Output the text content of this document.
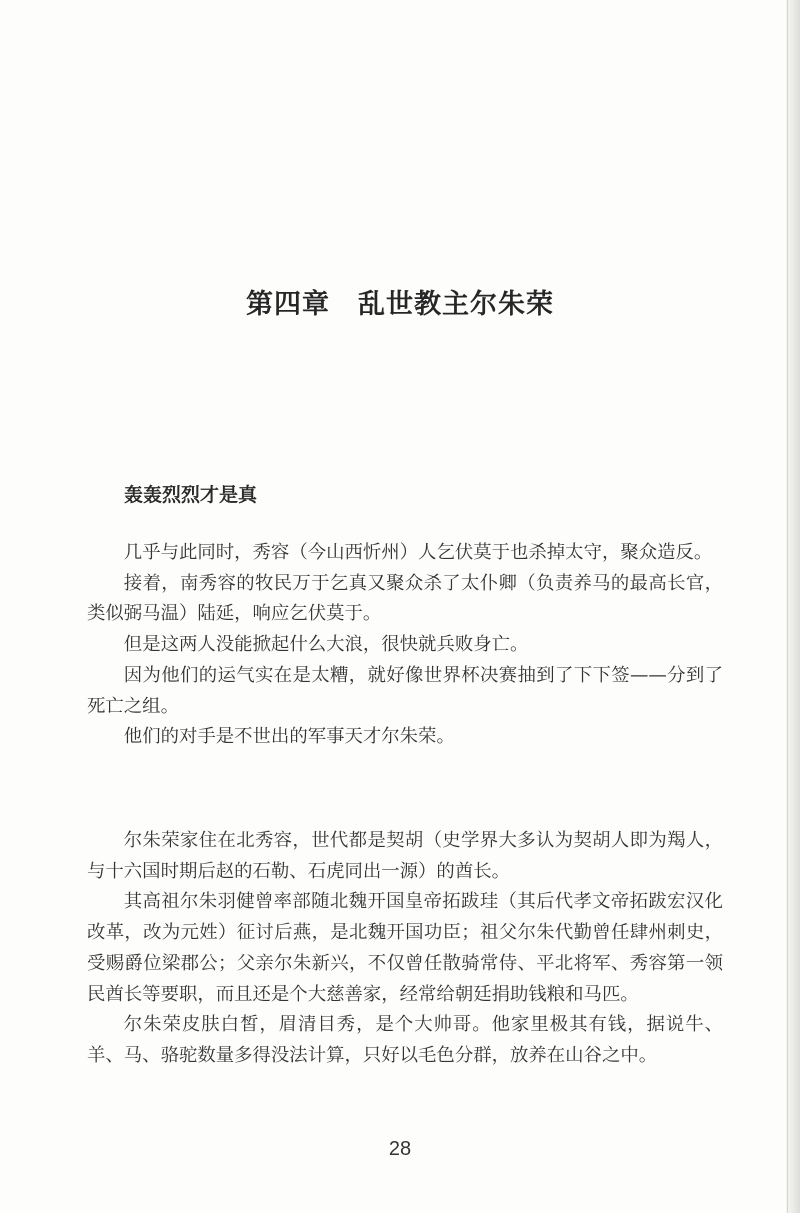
第四章　乱世教主尔朱荣
轰轰烈烈才是真

几乎与此同时，秀容（今山西忻州）人乞伏莫于也杀掉太守，聚众造反。

接着，南秀容的牧民万于乞真又聚众杀了太仆卿（负责养马的最高长官，类似弼马温）陆延，响应乞伏莫于。

但是这两人没能掀起什么大浪，很快就兵败身亡。

因为他们的运气实在是太糟，就好像世界杯决赛抽到了下下签——分到了死亡之组。

他们的对手是不世出的军事天才尔朱荣。

尔朱荣家住在北秀容，世代都是契胡（史学界大多认为契胡人即为羯人，与十六国时期后赵的石勒、石虎同出一源）的酋长。

其高祖尔朱羽健曾率部随北魏开国皇帝拓跋珪（其后代孝文帝拓跋宏汉化改革，改为元姓）征讨后燕，是北魏开国功臣；祖父尔朱代勤曾任肆州刺史，受赐爵位梁郡公；父亲尔朱新兴，不仅曾任散骑常侍、平北将军、秀容第一领民酋长等要职，而且还是个大慈善家，经常给朝廷捐助钱粮和马匹。

尔朱荣皮肤白皙，眉清目秀，是个大帅哥。他家里极其有钱，据说牛、羊、马、骆驼数量多得没法计算，只好以毛色分群，放养在山谷之中。

28
